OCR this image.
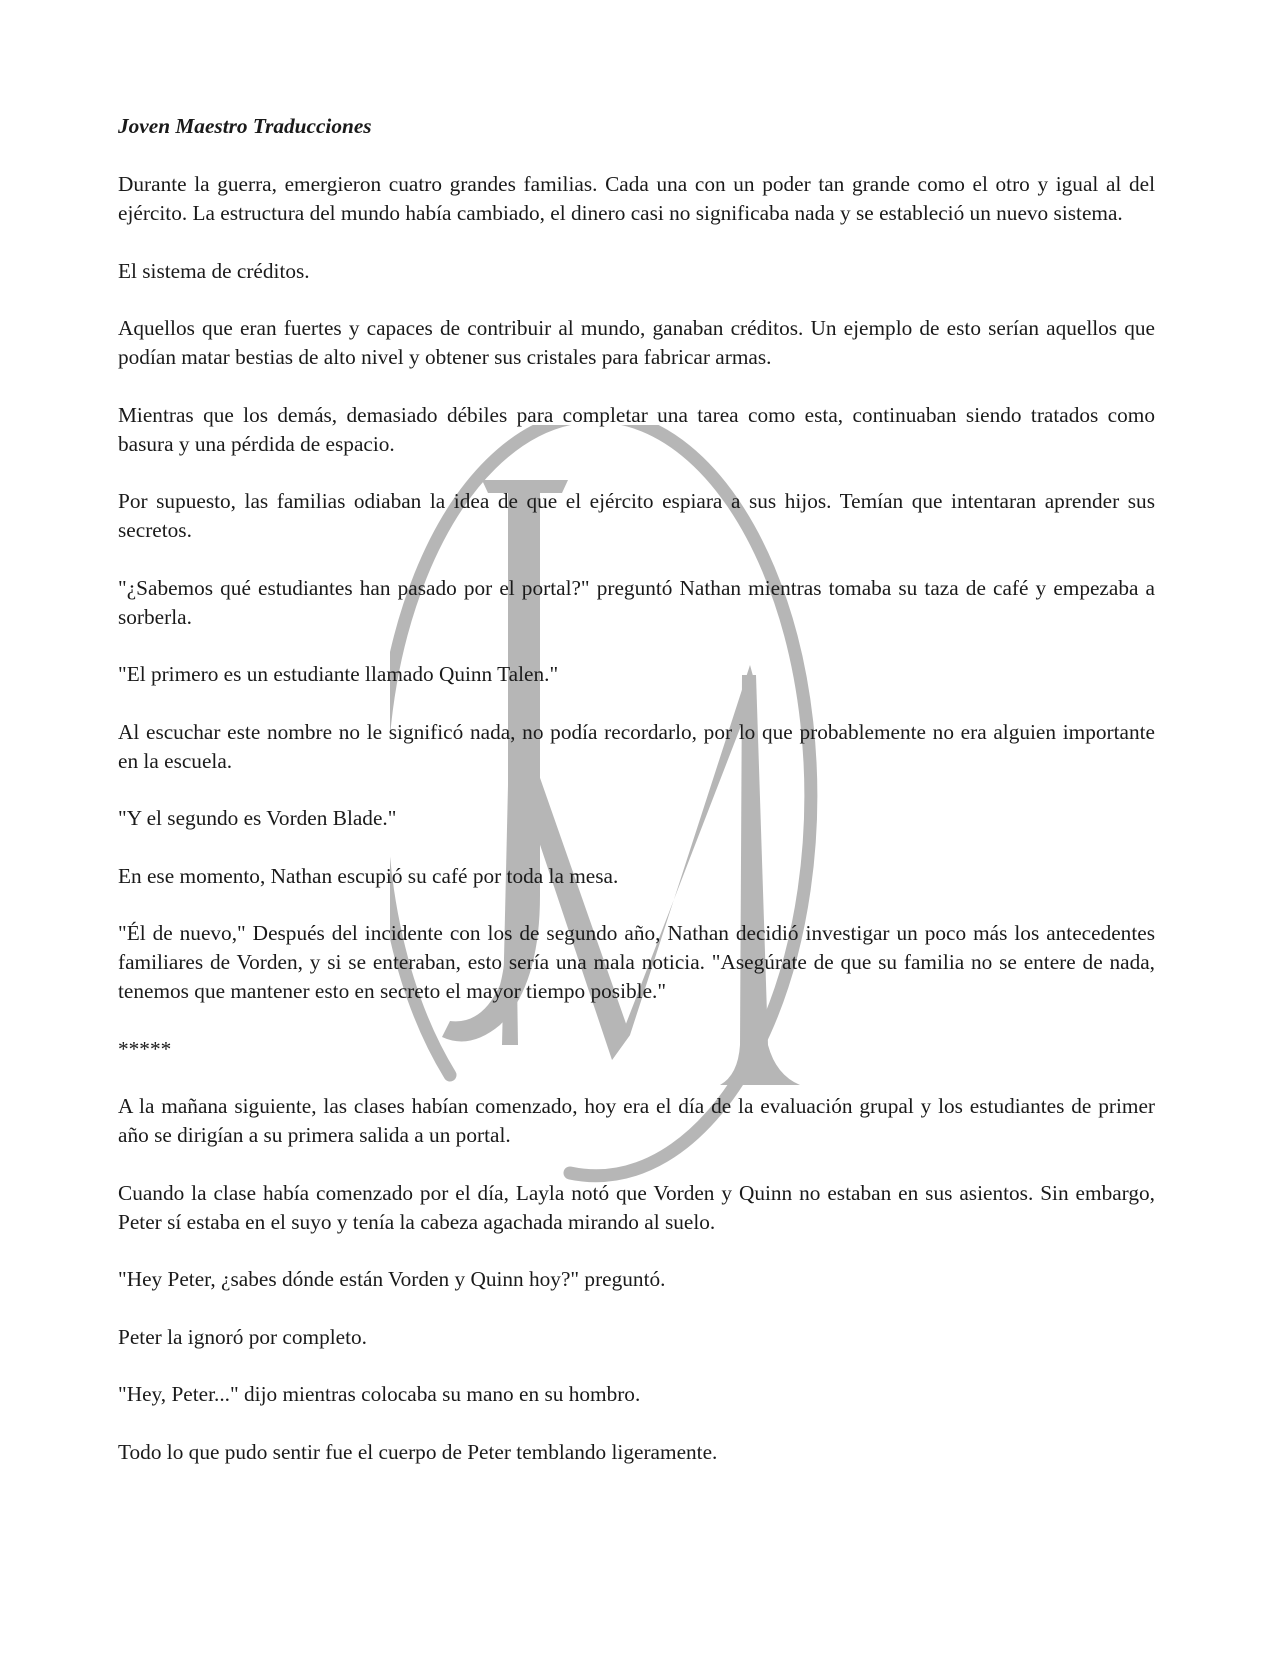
Joven Maestro Traducciones

Durante la guerra, emergieron cuatro grandes familias. Cada una con un poder tan grande como el otro y igual al del ejército. La estructura del mundo había cambiado, el dinero casi no significaba nada y se estableció un nuevo sistema.

El sistema de créditos.

Aquellos que eran fuertes y capaces de contribuir al mundo, ganaban créditos. Un ejemplo de esto serían aquellos que podían matar bestias de alto nivel y obtener sus cristales para fabricar armas.

Mientras que los demás, demasiado débiles para completar una tarea como esta, continuaban siendo tratados como basura y una pérdida de espacio.

Por supuesto, las familias odiaban la idea de que el ejército espiara a sus hijos. Temían que intentaran aprender sus secretos.

"¿Sabemos qué estudiantes han pasado por el portal?" preguntó Nathan mientras tomaba su taza de café y empezaba a sorberla.

"El primero es un estudiante llamado Quinn Talen."

Al escuchar este nombre no le significó nada, no podía recordarlo, por lo que probablemente no era alguien importante en la escuela.

"Y el segundo es Vorden Blade."

En ese momento, Nathan escupió su café por toda la mesa.

"Él de nuevo," Después del incidente con los de segundo año, Nathan decidió investigar un poco más los antecedentes familiares de Vorden, y si se enteraban, esto sería una mala noticia. "Asegúrate de que su familia no se entere de nada, tenemos que mantener esto en secreto el mayor tiempo posible."

*****

A la mañana siguiente, las clases habían comenzado, hoy era el día de la evaluación grupal y los estudiantes de primer año se dirigían a su primera salida a un portal.

Cuando la clase había comenzado por el día, Layla notó que Vorden y Quinn no estaban en sus asientos. Sin embargo, Peter sí estaba en el suyo y tenía la cabeza agachada mirando al suelo.

"Hey Peter, ¿sabes dónde están Vorden y Quinn hoy?" preguntó.

Peter la ignoró por completo.

"Hey, Peter..." dijo mientras colocaba su mano en su hombro.

Todo lo que pudo sentir fue el cuerpo de Peter temblando ligeramente.
